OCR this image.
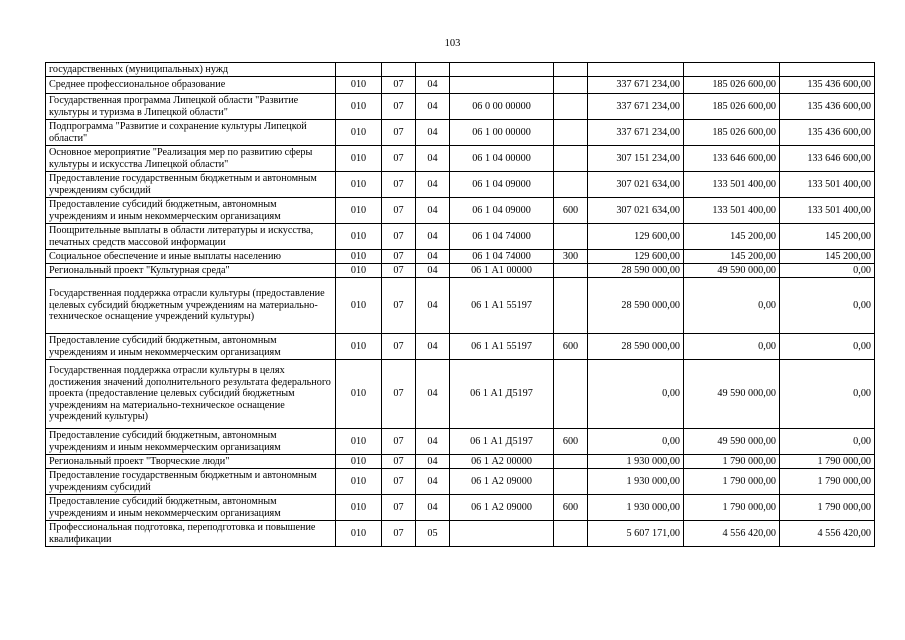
103
государственных (муниципальных) нужд								
Среднее профессиональное образование	010	07	04			337 671 234,00	185 026 600,00	135 436 600,00
Государственная программа Липецкой области "Развитие культуры и туризма в Липецкой области"	010	07	04	06 0 00 00000		337 671 234,00	185 026 600,00	135 436 600,00
Подпрограмма "Развитие и сохранение культуры Липецкой области"	010	07	04	06 1 00 00000		337 671 234,00	185 026 600,00	135 436 600,00
Основное мероприятие "Реализация мер по развитию сферы культуры и искусства Липецкой области"	010	07	04	06 1 04 00000		307 151 234,00	133 646 600,00	133 646 600,00
Предоставление государственным бюджетным и автономным учреждениям субсидий	010	07	04	06 1 04 09000		307 021 634,00	133 501 400,00	133 501 400,00
Предоставление субсидий бюджетным, автономным учреждениям и иным некоммерческим организациям	010	07	04	06 1 04 09000	600	307 021 634,00	133 501 400,00	133 501 400,00
Поощрительные выплаты в области литературы и искусства, печатных средств массовой информации	010	07	04	06 1 04 74000		129 600,00	145 200,00	145 200,00
Социальное обеспечение и иные выплаты населению	010	07	04	06 1 04 74000	300	129 600,00	145 200,00	145 200,00
Региональный проект "Культурная среда"	010	07	04	06 1 А1 00000		28 590 000,00	49 590 000,00	0,00
Государственная поддержка отрасли культуры (предоставление целевых субсидий бюджетным учреждениям на материально-техническое оснащение учреждений культуры)	010	07	04	06 1 А1 55197		28 590 000,00	0,00	0,00
Предоставление субсидий бюджетным, автономным учреждениям и иным некоммерческим организациям	010	07	04	06 1 А1 55197	600	28 590 000,00	0,00	0,00
Государственная поддержка отрасли культуры в целях достижения значений дополнительного результата федерального проекта (предоставление целевых субсидий бюджетным учреждениям на материально-техническое оснащение учреждений культуры)	010	07	04	06 1 А1 Д5197		0,00	49 590 000,00	0,00
Предоставление субсидий бюджетным, автономным учреждениям и иным некоммерческим организациям	010	07	04	06 1 А1 Д5197	600	0,00	49 590 000,00	0,00
Региональный проект "Творческие люди"	010	07	04	06 1 А2 00000		1 930 000,00	1 790 000,00	1 790 000,00
Предоставление государственным бюджетным и автономным учреждениям субсидий	010	07	04	06 1 А2 09000		1 930 000,00	1 790 000,00	1 790 000,00
Предоставление субсидий бюджетным, автономным учреждениям и иным некоммерческим организациям	010	07	04	06 1 А2 09000	600	1 930 000,00	1 790 000,00	1 790 000,00
Профессиональная подготовка, переподготовка и повышение квалификации	010	07	05			5 607 171,00	4 556 420,00	4 556 420,00
